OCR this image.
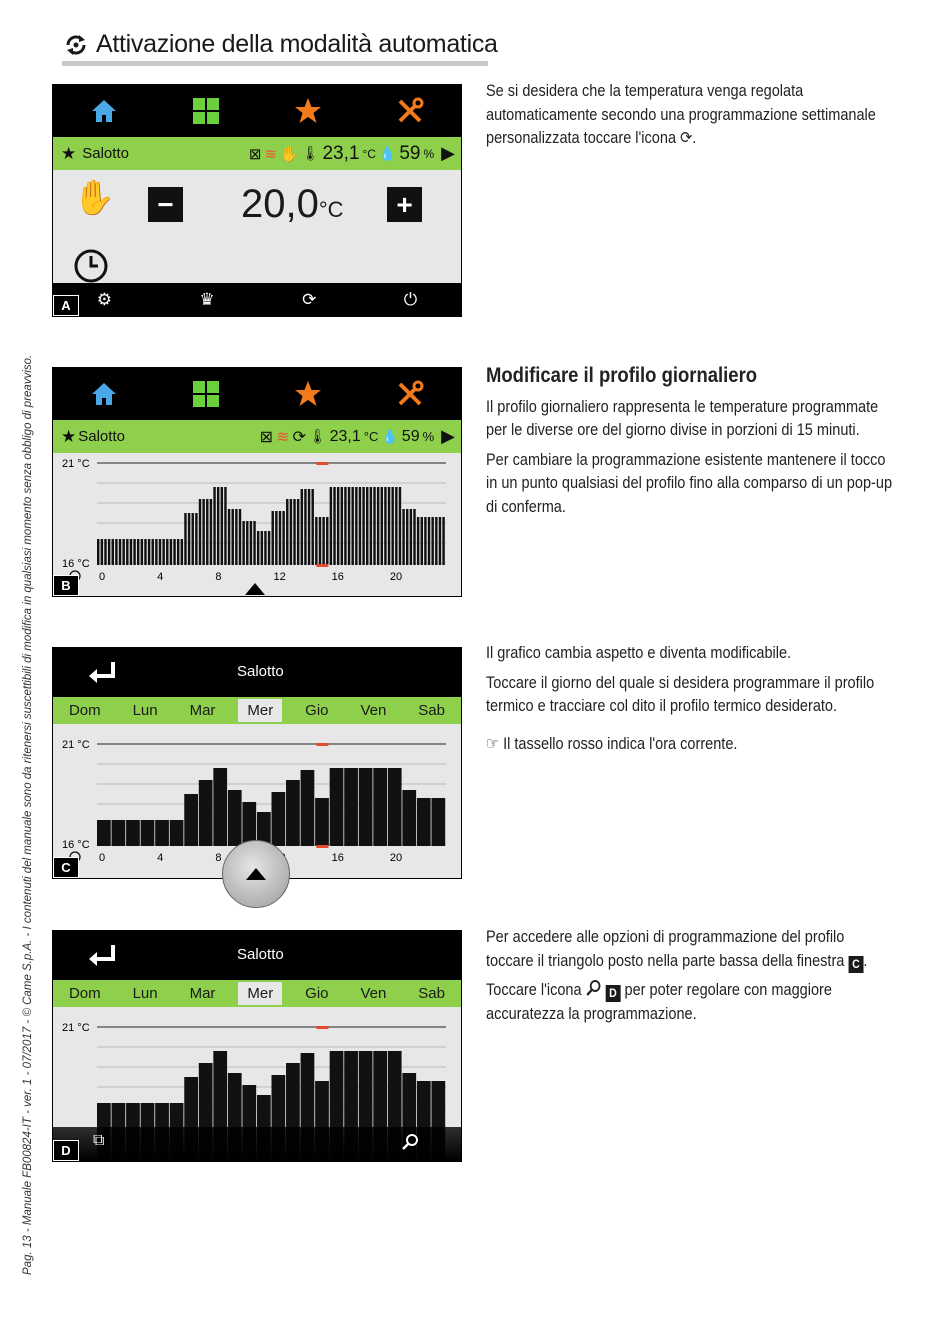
Attivazione della modalità automatica
Pag. 13 - Manuale FB00824-IT - ver. 1 - 07/2017 - © Came S.p.A. - I contenuti del manuale sono da ritenersi suscettibili di modifica in qualsiasi momento senza obbligo di preavviso.
★ Salotto	⊠ ≋ ✋ 🌡 23,1 °C 💧 59 % ▶
✋	− 20,0°C	+
⚙	♛	⟳	⏻
A

Se si desidera che la temperatura venga regolata automaticamente secondo una programmazione settimanale personalizzata toccare l'icona ⟳.

★ Salotto	⊠ ≋ ⟳ 🌡 23,1 °C 💧 59 % ▶
21 °C
16 °C
0	4	8	12	16	20
B

Modificare il profilo giornaliero

Il profilo giornaliero rappresenta le temperature programmate per le diverse ore del giorno divise in porzioni di 15 minuti.

Per cambiare la programmazione esistente mantenere il tocco in un punto qualsiasi del profilo fino alla comparso di un pop-up di conferma.

Salotto
Dom	Lun	Mar	Mer	Gio	Ven	Sab
21 °C
16 °C
0	4	8	16	20
C

Il grafico cambia aspetto e diventa modificabile.

Toccare il giorno del quale si desidera programmare il profilo termico e tracciare col dito il profilo termico desiderato.

☞ Il tassello rosso indica l'ora corrente.

Salotto
Dom	Lun	Mar	Mer	Gio	Ven	Sab
21 °C
⧉
D

Per accedere alle opzioni di programmazione del profilo toccare il triangolo posto nella parte bassa della finestra C .

Toccare l'icona D per poter regolare con maggiore accuratezza la programmazione.
